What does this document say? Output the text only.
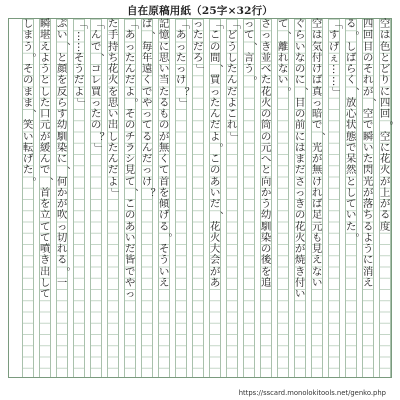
自在原稿用紙（25字×32行）
空
は
色
と
ど
り
に
四
回
。
空
に
花
火
が
上
が
る
度
四
回
目
の
そ
れ
が
、
空
で
瞬
い
た
閃
光
が
落
ち
る
よ
う
に
消
え
る
。
し
ば
ら
く
、
放
心
状
態
で
呆
然
と
し
て
い
た
。
「
す
げ
ぇ
…
…
」
空
は
気
付
け
ば
真
っ
暗
で
、
光
が
無
け
れ
ば
足
元
も
見
え
な
い
ぐ
ら
い
な
の
に
、
目
の
前
に
は
ま
だ
さ
っ
き
の
花
火
が
焼
き
付
い
て
、
離
れ
な
い
。
さ
っ
き
並
べ
た
花
火
の
筒
の
元
へ
と
向
か
う
幼
馴
染
の
後
を
追
っ
て
、
言
う
。
「
ど
う
し
た
ん
だ
よ
こ
れ
」
「
こ
の
間
、
買
っ
た
ん
だ
よ
。
こ
の
あ
い
だ
、
花
火
大
会
が
あ
っ
た
だ
ろ
」
「
あ
っ
た
っ
け
？
」
記
憶
に
思
い
当
た
る
も
の
が
無
く
て
首
を
傾
げ
る
。
そ
う
い
え
ば
、
毎
年
遠
く
で
や
っ
て
る
ん
だ
っ
け
？
「
あ
っ
た
ん
だ
よ
。
そ
の
チ
ラ
シ
見
て
、
こ
の
あ
い
だ
皆
で
や
っ
た
手
持
ち
花
火
を
思
い
出
し
た
ん
だ
よ
」
「
ん
で
、
コ
レ
買
っ
た
の
？
」
「
…
…
そ
う
だ
よ
」
ぷ
い
、
と
顔
を
反
ら
す
幼
馴
染
に
、
何
か
が
吹
っ
切
れ
る
。
一
瞬
堪
え
よ
う
と
し
た
口
元
が
緩
ん
で
、
首
を
立
て
て
噴
き
出
し
て
し
ま
う
。
そ
の
ま
ま
、
笑
い
転
げ
た
。
https://sscard.monolokitools.net/genko.php
